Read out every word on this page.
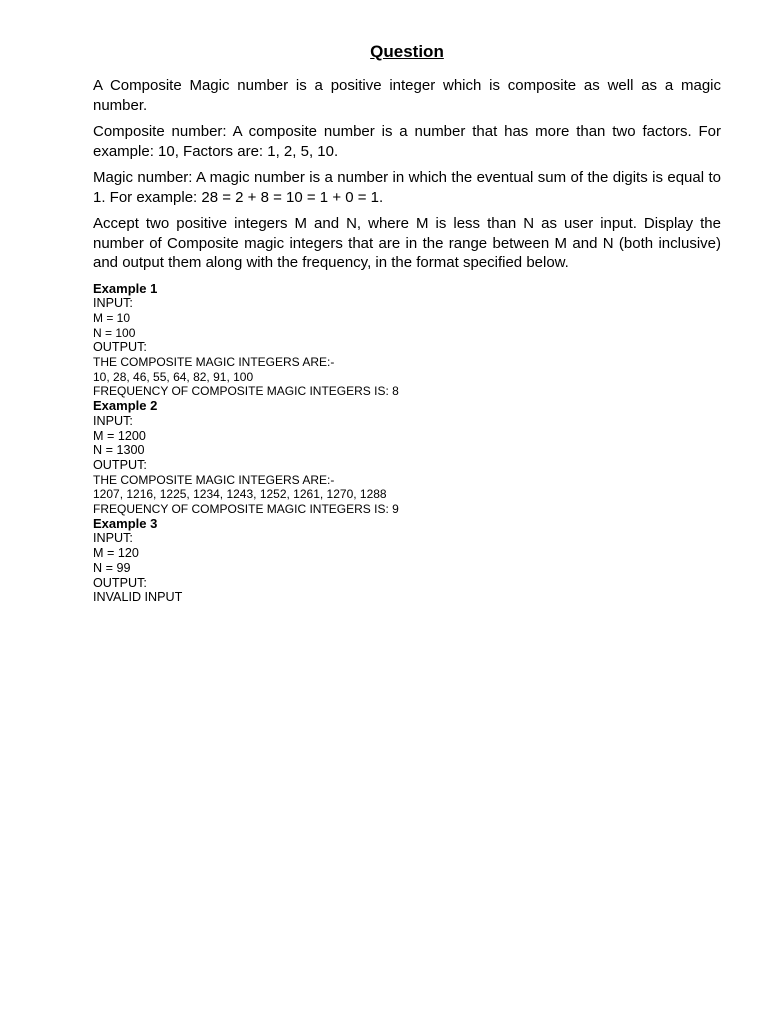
Question

A Composite Magic number is a positive integer which is composite as well as a magic number.

Composite number: A composite number is a number that has more than two factors. For example: 10, Factors are: 1, 2, 5, 10.

Magic number: A magic number is a number in which the eventual sum of the digits is equal to 1. For example: 28 = 2 + 8 = 10 = 1 + 0 = 1.

Accept two positive integers M and N, where M is less than N as user input. Display the number of Composite magic integers that are in the range between M and N (both inclusive) and output them along with the frequency, in the format specified below.

Example 1

INPUT:

M = 10

N = 100

OUTPUT:

THE COMPOSITE MAGIC INTEGERS ARE:-

10, 28, 46, 55, 64, 82, 91, 100

FREQUENCY OF COMPOSITE MAGIC INTEGERS IS: 8

Example 2

INPUT:

M = 1200

N = 1300

OUTPUT:

THE COMPOSITE MAGIC INTEGERS ARE:-

1207, 1216, 1225, 1234, 1243, 1252, 1261, 1270, 1288

FREQUENCY OF COMPOSITE MAGIC INTEGERS IS: 9

Example 3

INPUT:

M = 120

N = 99

OUTPUT:

INVALID INPUT
